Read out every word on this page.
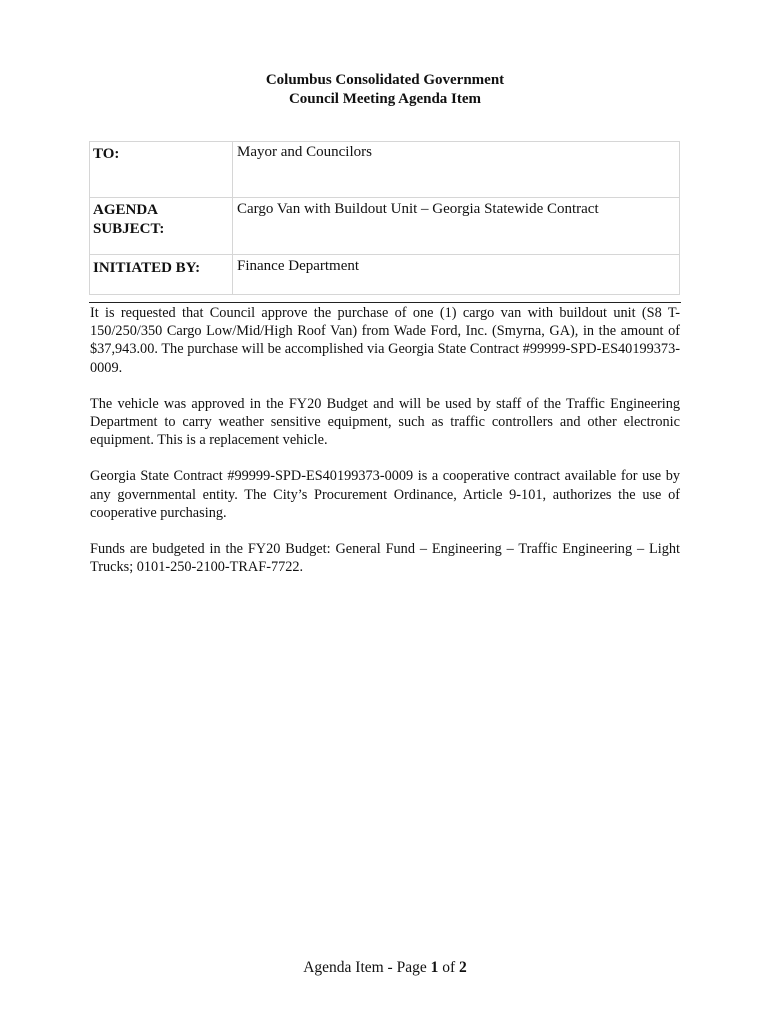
Columbus Consolidated Government
Council Meeting Agenda Item
TO:	Mayor and Councilors

AGENDA
SUBJECT:	Cargo Van with Buildout Unit – Georgia Statewide Contract
INITIATED BY:	Finance Department

It is requested that Council approve the purchase of one (1) cargo van with buildout unit (S8 T-150/250/350 Cargo Low/Mid/High Roof Van) from Wade Ford, Inc. (Smyrna, GA), in the amount of $37,943.00. The purchase will be accomplished via Georgia State Contract #99999-SPD-ES40199373-0009.

The vehicle was approved in the FY20 Budget and will be used by staff of the Traffic Engineering Department to carry weather sensitive equipment, such as traffic controllers and other electronic equipment. This is a replacement vehicle.

Georgia State Contract #99999-SPD-ES40199373-0009 is a cooperative contract available for use by any governmental entity. The City’s Procurement Ordinance, Article 9-101, authorizes the use of cooperative purchasing.

Funds are budgeted in the FY20 Budget: General Fund – Engineering – Traffic Engineering – Light Trucks; 0101-250-2100-TRAF-7722.

Agenda Item - Page 1 of 2
